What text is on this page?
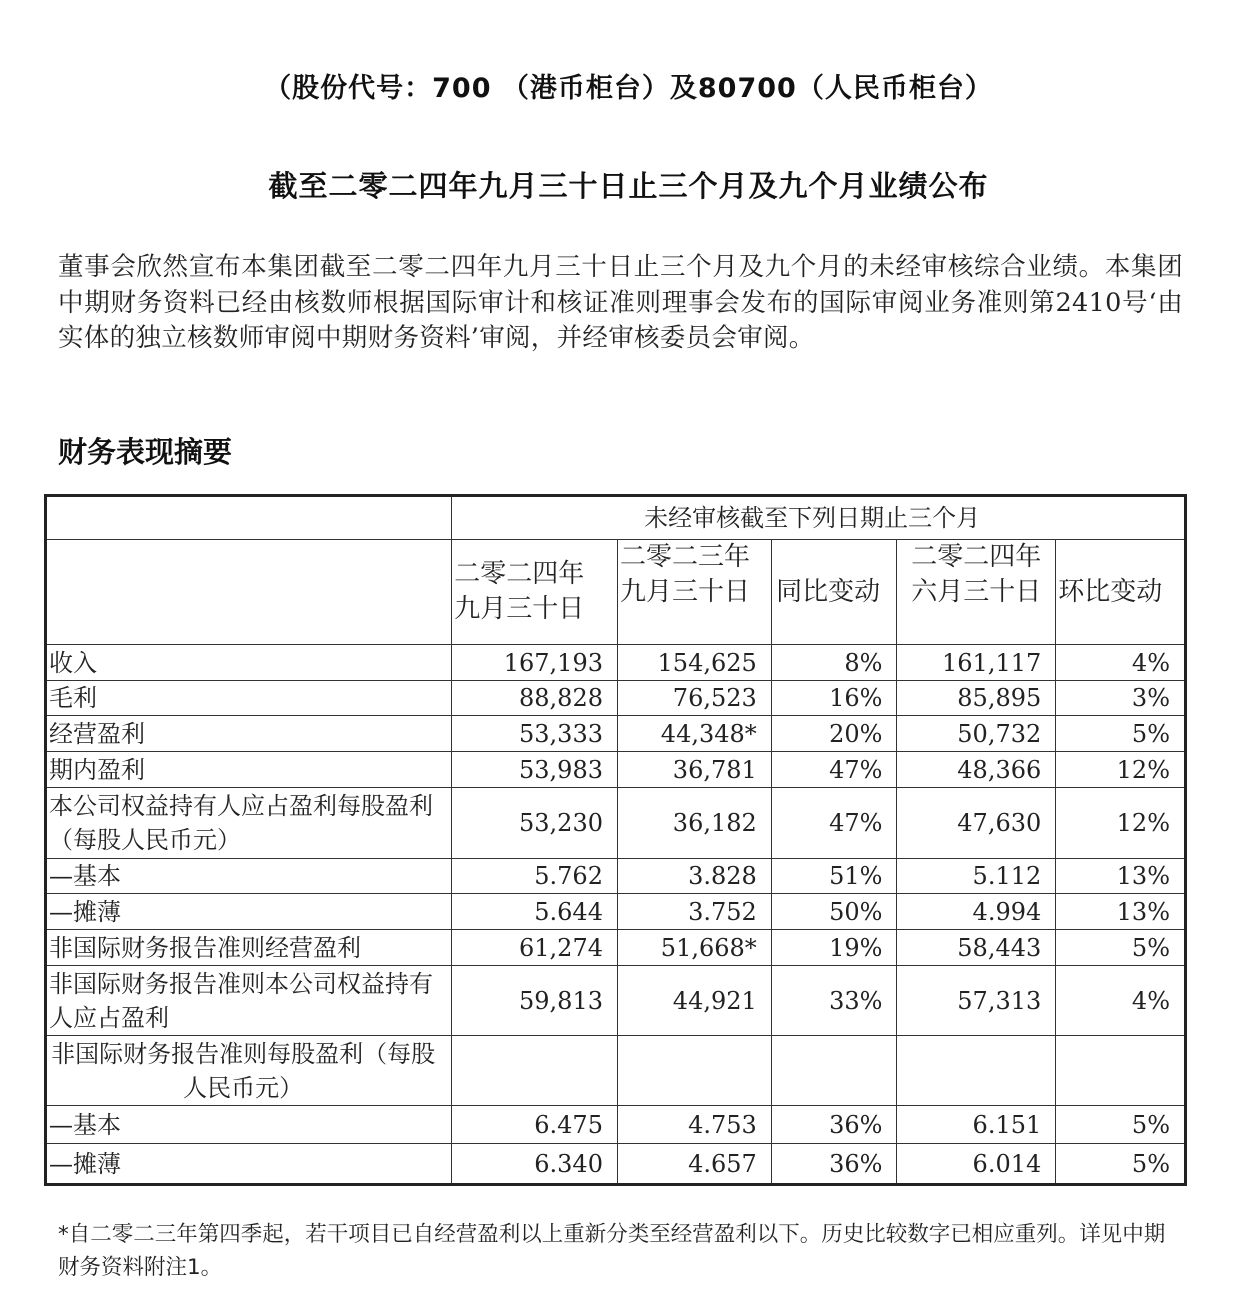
（股份代号：700 （港币柜台）及80700（人民币柜台）
截至二零二四年九月三十日止三个月及九个月业绩公布
董事会欣然宣布本集团截至二零二四年九月三十日止三个月及九个月的未经审核综合业绩。本集团中期财务资料已经由核数师根据国际审计和核证准则理事会发布的国际审阅业务准则第2410号‘由实体的独立核数师审阅中期财务资料’审阅，并经审核委员会审阅。
财务表现摘要
	未经审核截至下列日期止三个月				
	二零二四年九月三十日	二零二三年九月三十日	同比变动	二零二四年六月三十日	环比变动
收入	167,193	154,625	8%	161,117	4%
毛利	88,828	76,523	16%	85,895	3%
经营盈利	53,333	44,348*	20%	50,732	5%
期内盈利	53,983	36,781	47%	48,366	12%
本公司权益持有人应占盈利每股盈利（每股人民币元）	53,230	36,182	47%	47,630	12%
—基本	5.762	3.828	51%	5.112	13%
—摊薄	5.644	3.752	50%	4.994	13%
非国际财务报告准则经营盈利	61,274	51,668*	19%	58,443	5%
非国际财务报告准则本公司权益持有人应占盈利	59,813	44,921	33%	57,313	4%
非国际财务报告准则每股盈利（每股人民币元）					
—基本	6.475	4.753	36%	6.151	5%
—摊薄	6.340	4.657	36%	6.014	5%
*自二零二三年第四季起，若干项目已自经营盈利以上重新分类至经营盈利以下。历史比较数字已相应重列。详见中期财务资料附注1。
